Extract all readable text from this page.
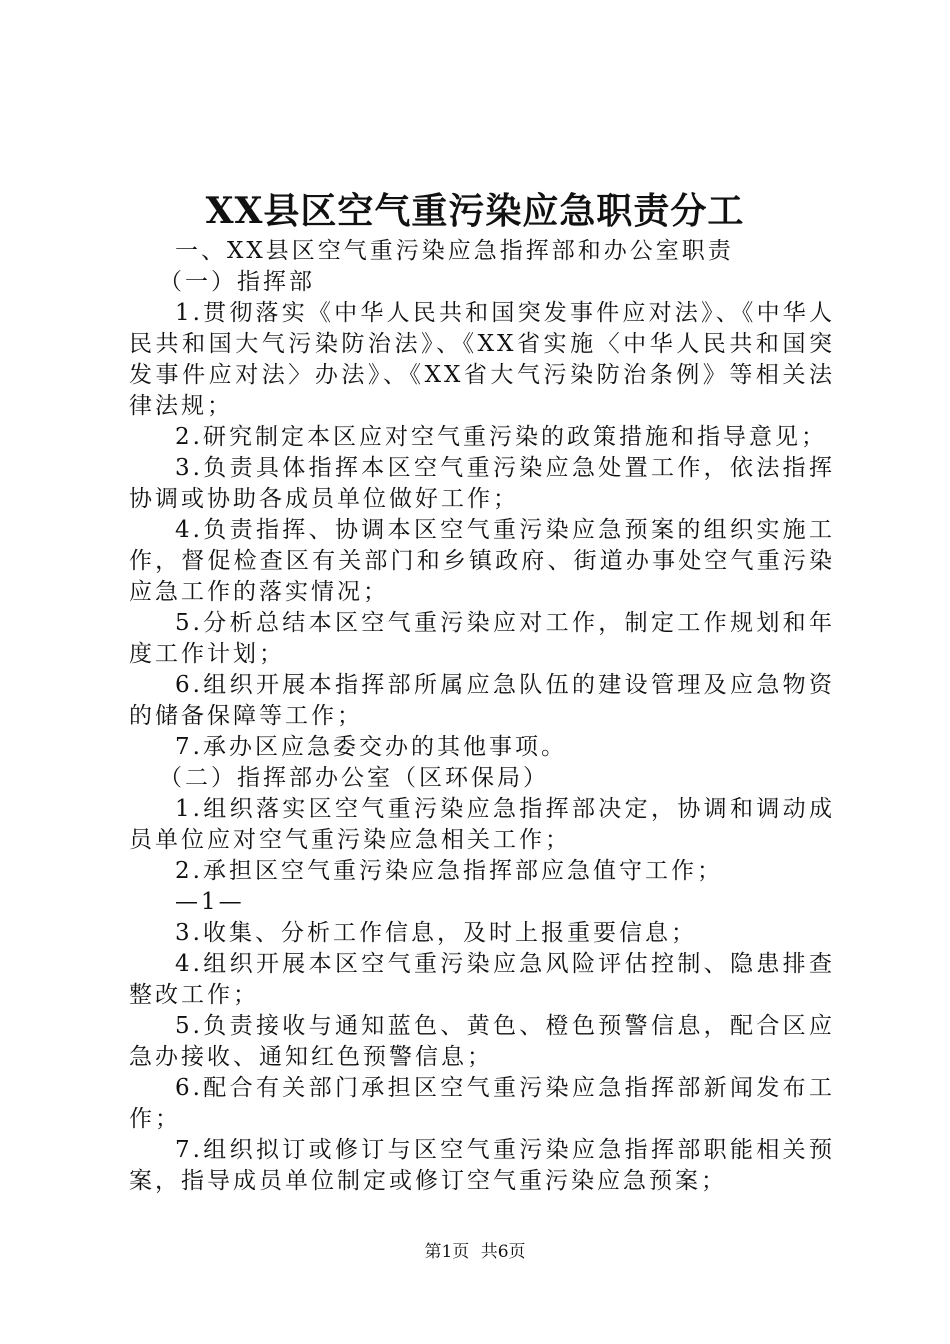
XX县区空气重污染应急职责分工

一、XX县区空气重污染应急指挥部和办公室职责

（一）指挥部

1.贯彻落实《中华人民共和国突发事件应对法》、《中华人民共和国大气污染防治法》、《XX省实施〈中华人民共和国突发事件应对法〉办法》、《XX省大气污染防治条例》等相关法律法规；

2.研究制定本区应对空气重污染的政策措施和指导意见；

3.负责具体指挥本区空气重污染应急处置工作，依法指挥协调或协助各成员单位做好工作；

4.负责指挥、协调本区空气重污染应急预案的组织实施工作，督促检查区有关部门和乡镇政府、街道办事处空气重污染应急工作的落实情况；

5.分析总结本区空气重污染应对工作，制定工作规划和年度工作计划；

6.组织开展本指挥部所属应急队伍的建设管理及应急物资的储备保障等工作；

7.承办区应急委交办的其他事项。

（二）指挥部办公室（区环保局）

1.组织落实区空气重污染应急指挥部决定，协调和调动成员单位应对空气重污染应急相关工作；

2.承担区空气重污染应急指挥部应急值守工作；

—1—

3.收集、分析工作信息，及时上报重要信息；

4.组织开展本区空气重污染应急风险评估控制、隐患排查整改工作；

5.负责接收与通知蓝色、黄色、橙色预警信息，配合区应急办接收、通知红色预警信息；

6.配合有关部门承担区空气重污染应急指挥部新闻发布工作；

7.组织拟订或修订与区空气重污染应急指挥部职能相关预案，指导成员单位制定或修订空气重污染应急预案；

第1页 共6页
